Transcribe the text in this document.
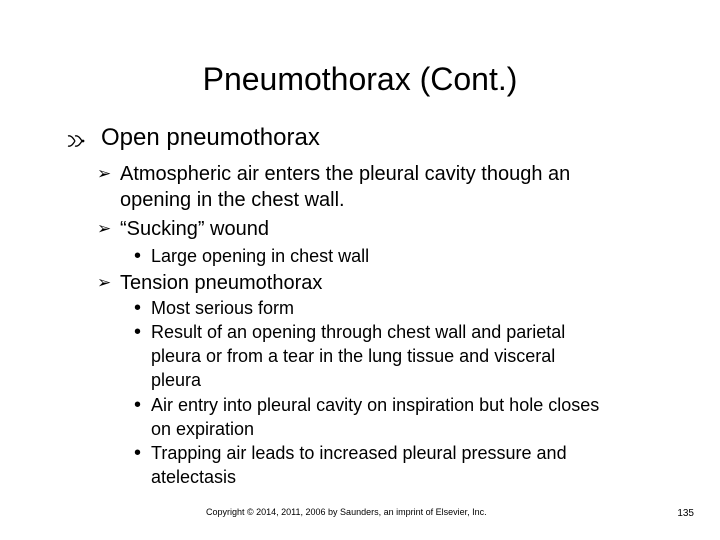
Pneumothorax (Cont.)
Open pneumothorax
➢ Atmospheric air enters the pleural cavity though an
opening in the chest wall.
➢ “Sucking” wound
• Large opening in chest wall
➢ Tension pneumothorax
• Most serious form
• Result of an opening through chest wall and parietal
pleura or from a tear in the lung tissue and visceral
pleura
• Air entry into pleural cavity on inspiration but hole closes
on expiration
• Trapping air leads to increased pleural pressure and
atelectasis
Copyright © 2014, 2011, 2006 by Saunders, an imprint of Elsevier, Inc.	135
